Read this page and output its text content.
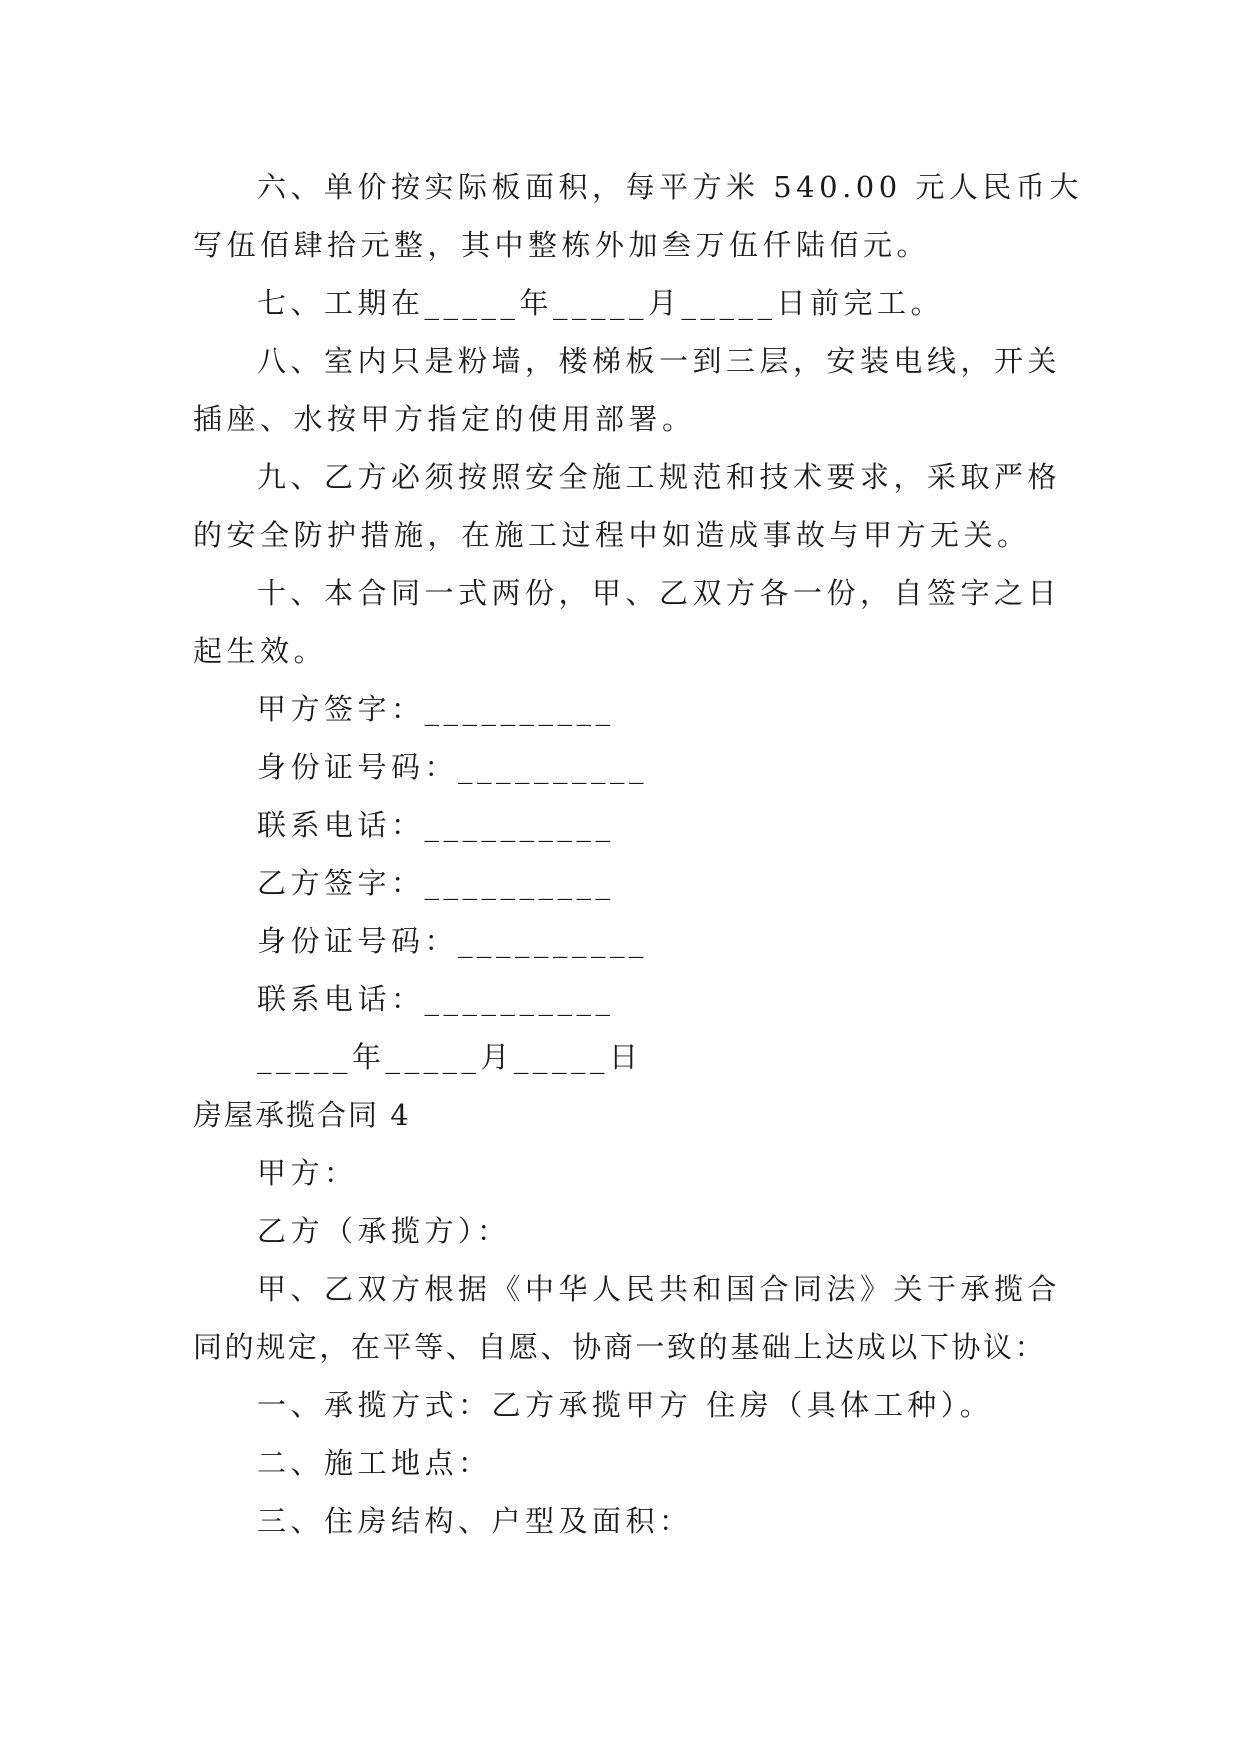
六、单价按实际板面积，每平方米 540.00 元人民币大
写伍佰肆拾元整，其中整栋外加叁万伍仟陆佰元。
七、工期在_____年_____月_____日前完工。
八、室内只是粉墙，楼梯板一到三层，安装电线，开关
插座、水按甲方指定的使用部署。
九、乙方必须按照安全施工规范和技术要求，采取严格
的安全防护措施，在施工过程中如造成事故与甲方无关。
十、本合同一式两份，甲、乙双方各一份，自签字之日
起生效。
甲方签字：__________
身份证号码：__________
联系电话：__________
乙方签字：__________
身份证号码：__________
联系电话：__________
_____年_____月_____日
房屋承揽合同 4
甲方：
乙方（承揽方）：
甲、乙双方根据《中华人民共和国合同法》关于承揽合
同的规定，在平等、自愿、协商一致的基础上达成以下协议：
一、承揽方式：乙方承揽甲方 住房（具体工种）。
二、施工地点：
三、住房结构、户型及面积：
